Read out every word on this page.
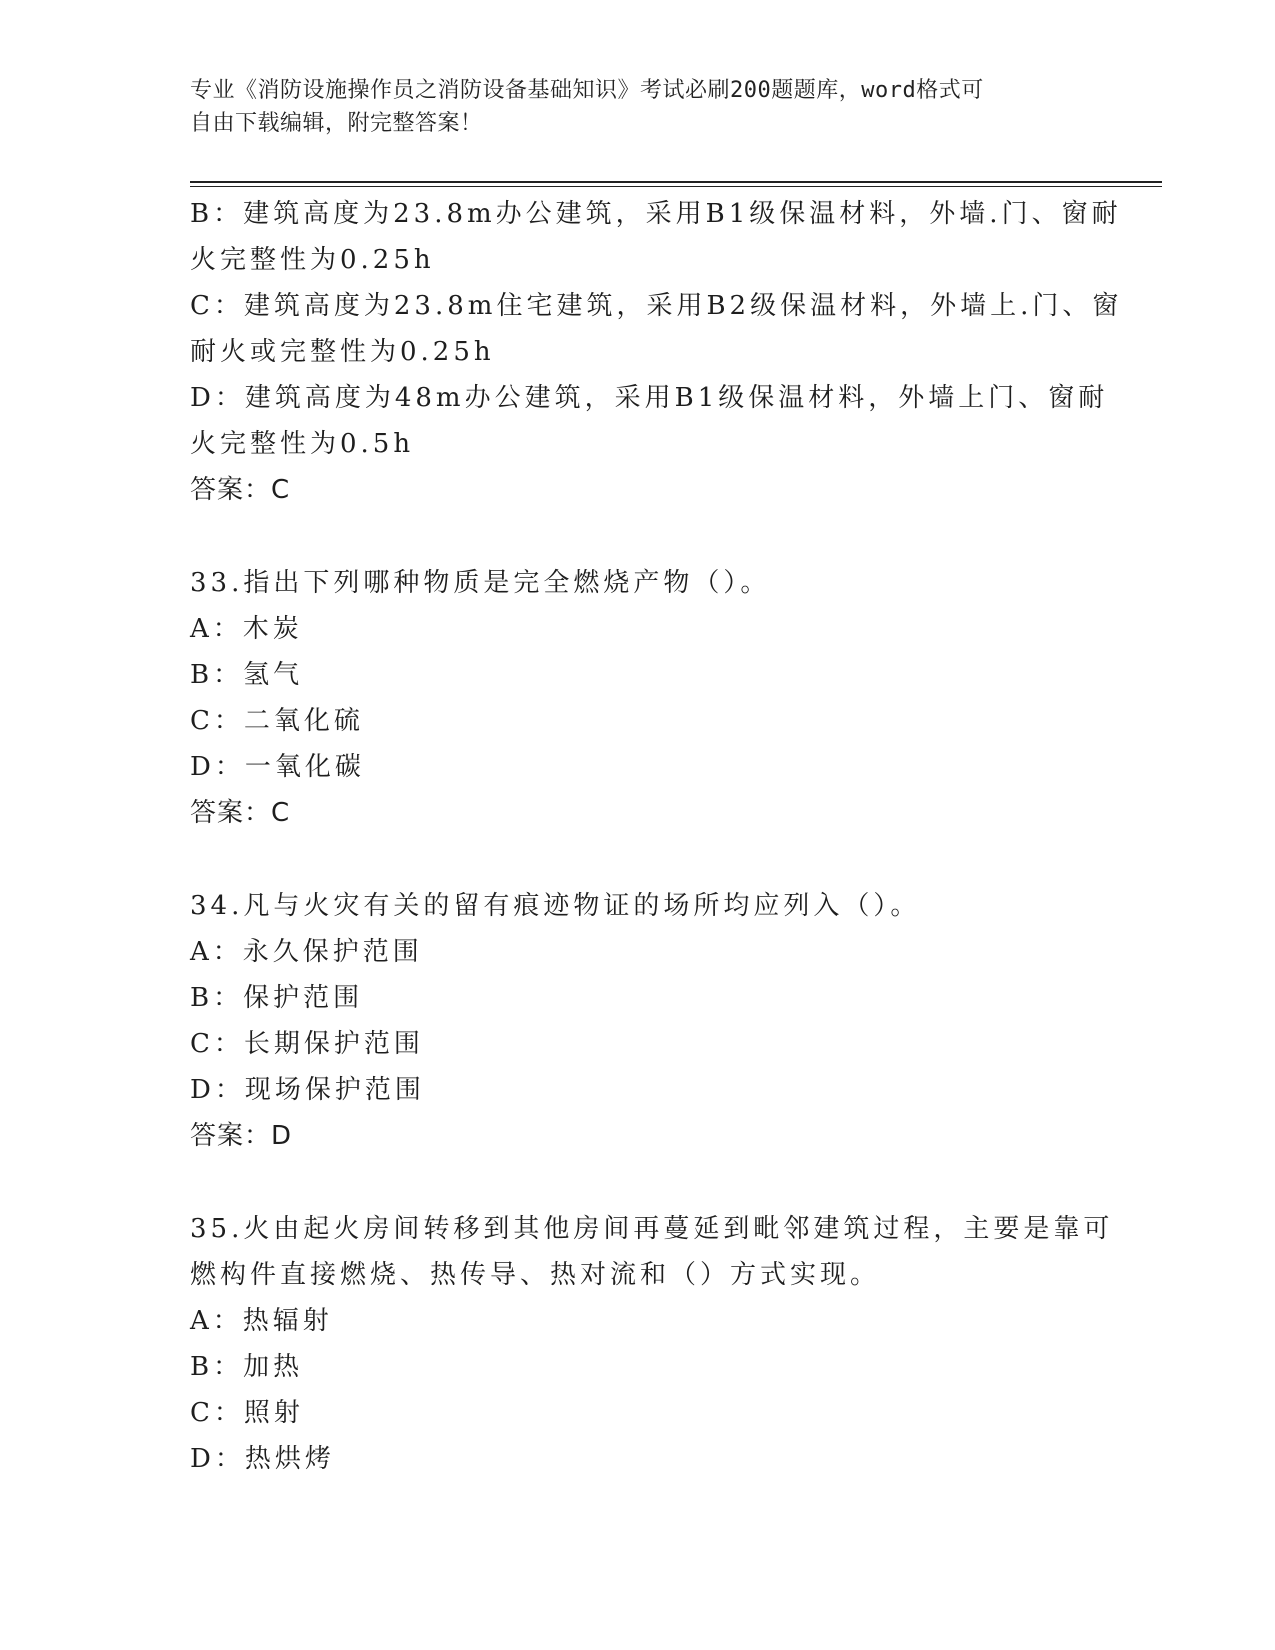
专业《消防设施操作员之消防设备基础知识》考试必刷200题题库，word格式可
自由下载编辑，附完整答案！
B：建筑高度为23.8m办公建筑，采用B1级保温材料，外墙.门、窗耐
火完整性为0.25h
C：建筑高度为23.8m住宅建筑，采用B2级保温材料，外墙上.门、窗
耐火或完整性为0.25h
D：建筑高度为48m办公建筑，采用B1级保温材料，外墙上门、窗耐
火完整性为0.5h
答案：C
33.指出下列哪种物质是完全燃烧产物（）。
A：木炭
B：氢气
C：二氧化硫
D：一氧化碳
答案：C
34.凡与火灾有关的留有痕迹物证的场所均应列入（）。
A：永久保护范围
B：保护范围
C：长期保护范围
D：现场保护范围
答案：D
35.火由起火房间转移到其他房间再蔓延到毗邻建筑过程，主要是靠可
燃构件直接燃烧、热传导、热对流和（）方式实现。
A：热辐射
B：加热
C：照射
D：热烘烤
